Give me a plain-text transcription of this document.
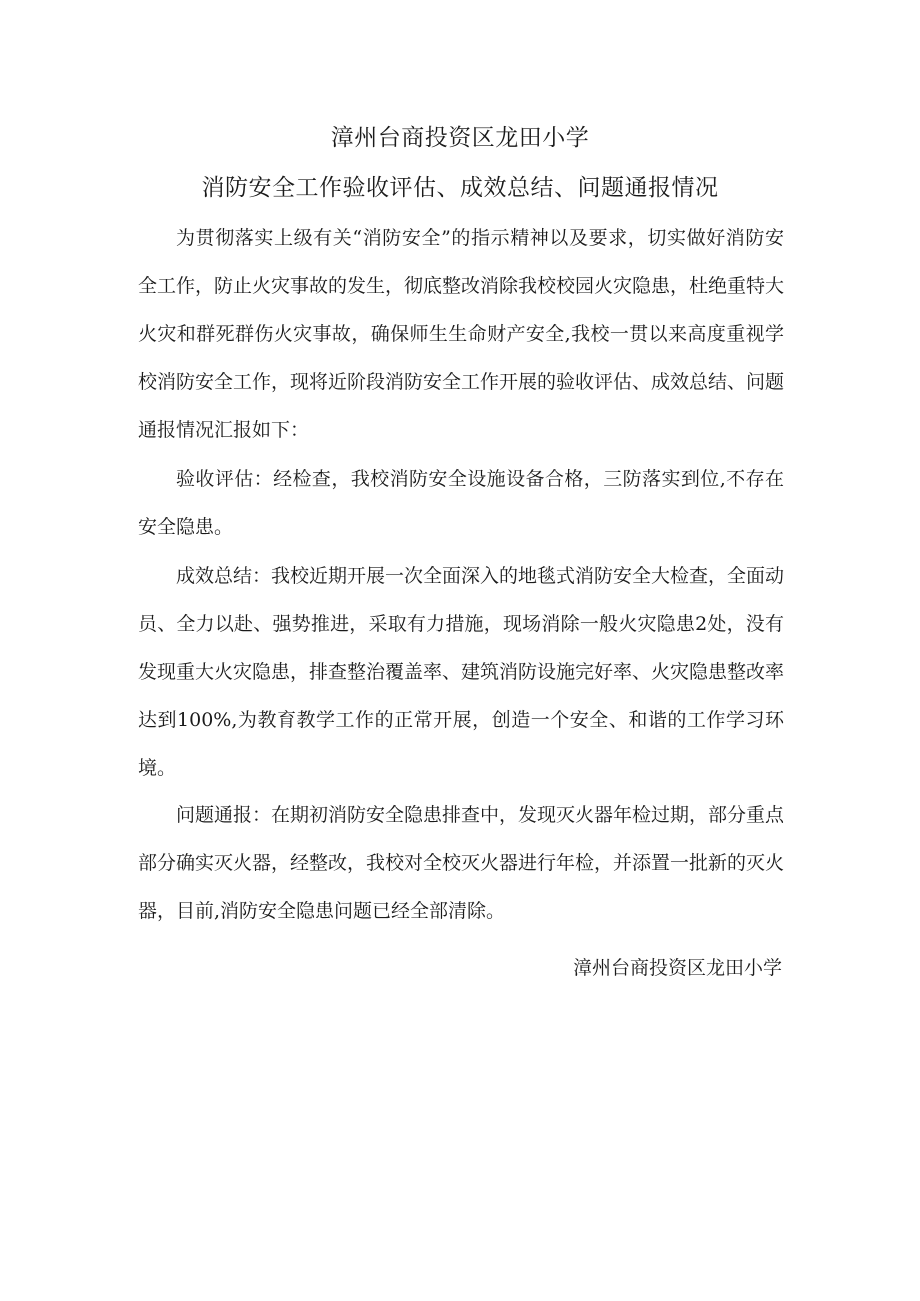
漳州台商投资区龙田小学
消防安全工作验收评估、成效总结、问题通报情况

为贯彻落实上级有关“消防安全”的指示精神以及要求，切实做好消防安全工作，防止火灾事故的发生，彻底整改消除我校校园火灾隐患，杜绝重特大火灾和群死群伤火灾事故，确保师生生命财产安全,我校一贯以来高度重视学校消防安全工作，现将近阶段消防安全工作开展的验收评估、成效总结、问题通报情况汇报如下：

验收评估：经检查，我校消防安全设施设备合格，三防落实到位,不存在安全隐患。

成效总结：我校近期开展一次全面深入的地毯式消防安全大检查，全面动员、全力以赴、强势推进，采取有力措施，现场消除一般火灾隐患2处，没有发现重大火灾隐患，排查整治覆盖率、建筑消防设施完好率、火灾隐患整改率达到100%,为教育教学工作的正常开展，创造一个安全、和谐的工作学习环境。

问题通报：在期初消防安全隐患排查中，发现灭火器年检过期，部分重点部分确实灭火器，经整改，我校对全校灭火器进行年检，并添置一批新的灭火器，目前,消防安全隐患问题已经全部清除。

漳州台商投资区龙田小学
